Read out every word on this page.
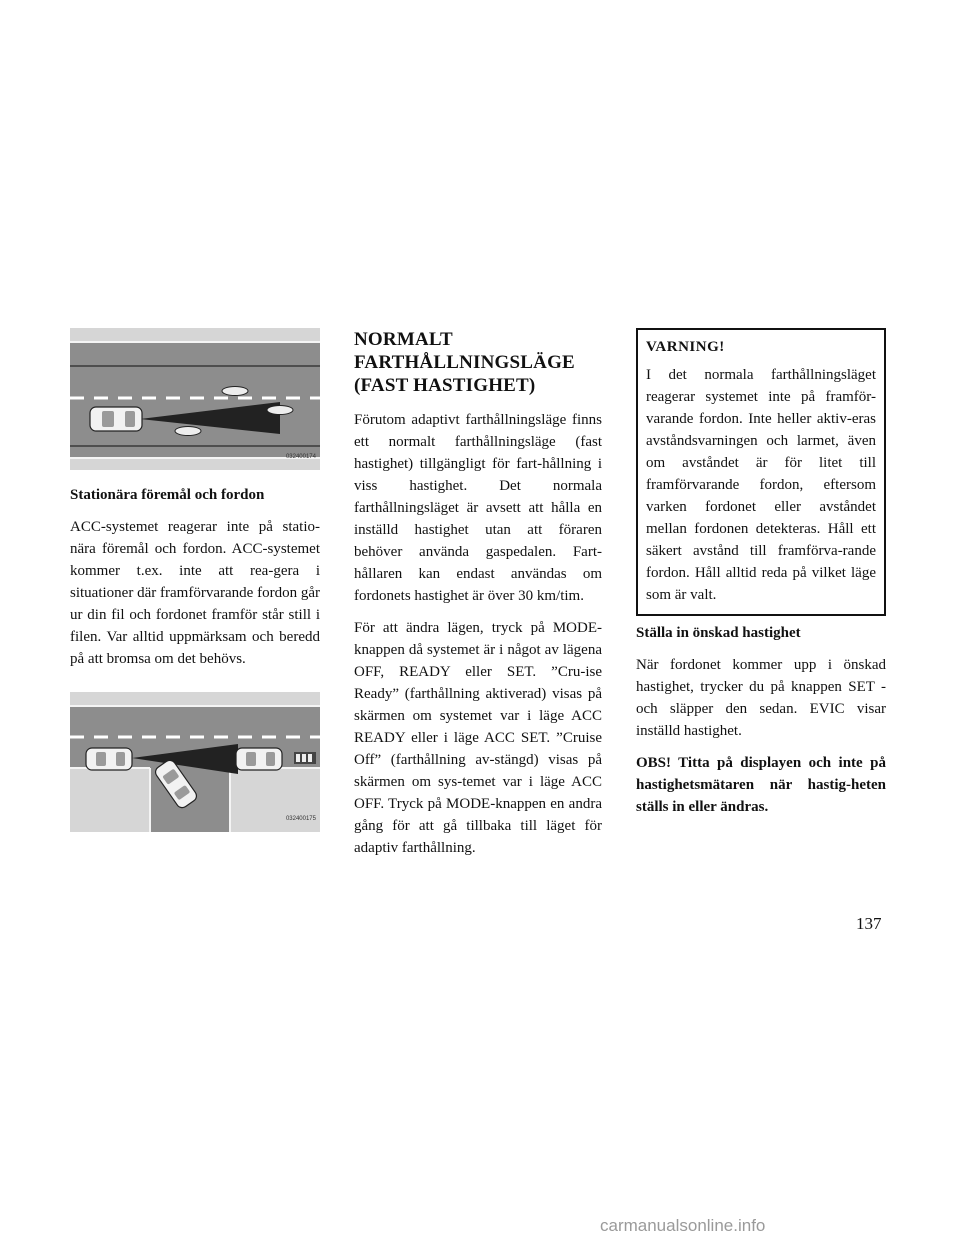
032400174
Stationära föremål och fordon

ACC-systemet reagerar inte på statio-nära föremål och fordon. ACC-systemet kommer t.ex. inte att rea-gera i situationer där framförvarande fordon går ur din fil och fordonet framför står still i filen. Var alltid uppmärksam och beredd på att bromsa om det behövs.

032400175
NORMALT
FARTHÅLLNINGSLÄGE
(FAST HASTIGHET)

Förutom adaptivt farthållningsläge finns ett normalt farthållningsläge (fast hastighet) tillgängligt för fart-hållning i viss hastighet. Det normala farthållningsläget är avsett att hålla en inställd hastighet utan att föraren behöver använda gaspedalen. Fart-hållaren kan endast användas om fordonets hastighet är över 30 km/tim.

För att ändra lägen, tryck på MODE-knappen då systemet är i något av lägena OFF, READY eller SET. ”Cru-ise Ready” (farthållning aktiverad) visas på skärmen om systemet var i läge ACC READY eller i läge ACC SET. ”Cruise Off” (farthållning av-stängd) visas på skärmen om sys-temet var i läge ACC OFF. Tryck på MODE-knappen en andra gång för att gå tillbaka till läget för adaptiv farthållning.

VARNING!

I det normala farthållningsläget reagerar systemet inte på framför-varande fordon. Inte heller aktiv-eras avståndsvarningen och larmet, även om avståndet är för litet till framförvarande fordon, eftersom varken fordonet eller avståndet mellan fordonen detekteras. Håll ett säkert avstånd till framförva-rande fordon. Håll alltid reda på vilket läge som är valt.

Ställa in önskad hastighet

När fordonet kommer upp i önskad hastighet, trycker du på knappen SET - och släpper den sedan. EVIC visar inställd hastighet.

OBS! Titta på displayen och inte på hastighetsmätaren när hastig-heten ställs in eller ändras.

137
carmanualsonline.info
